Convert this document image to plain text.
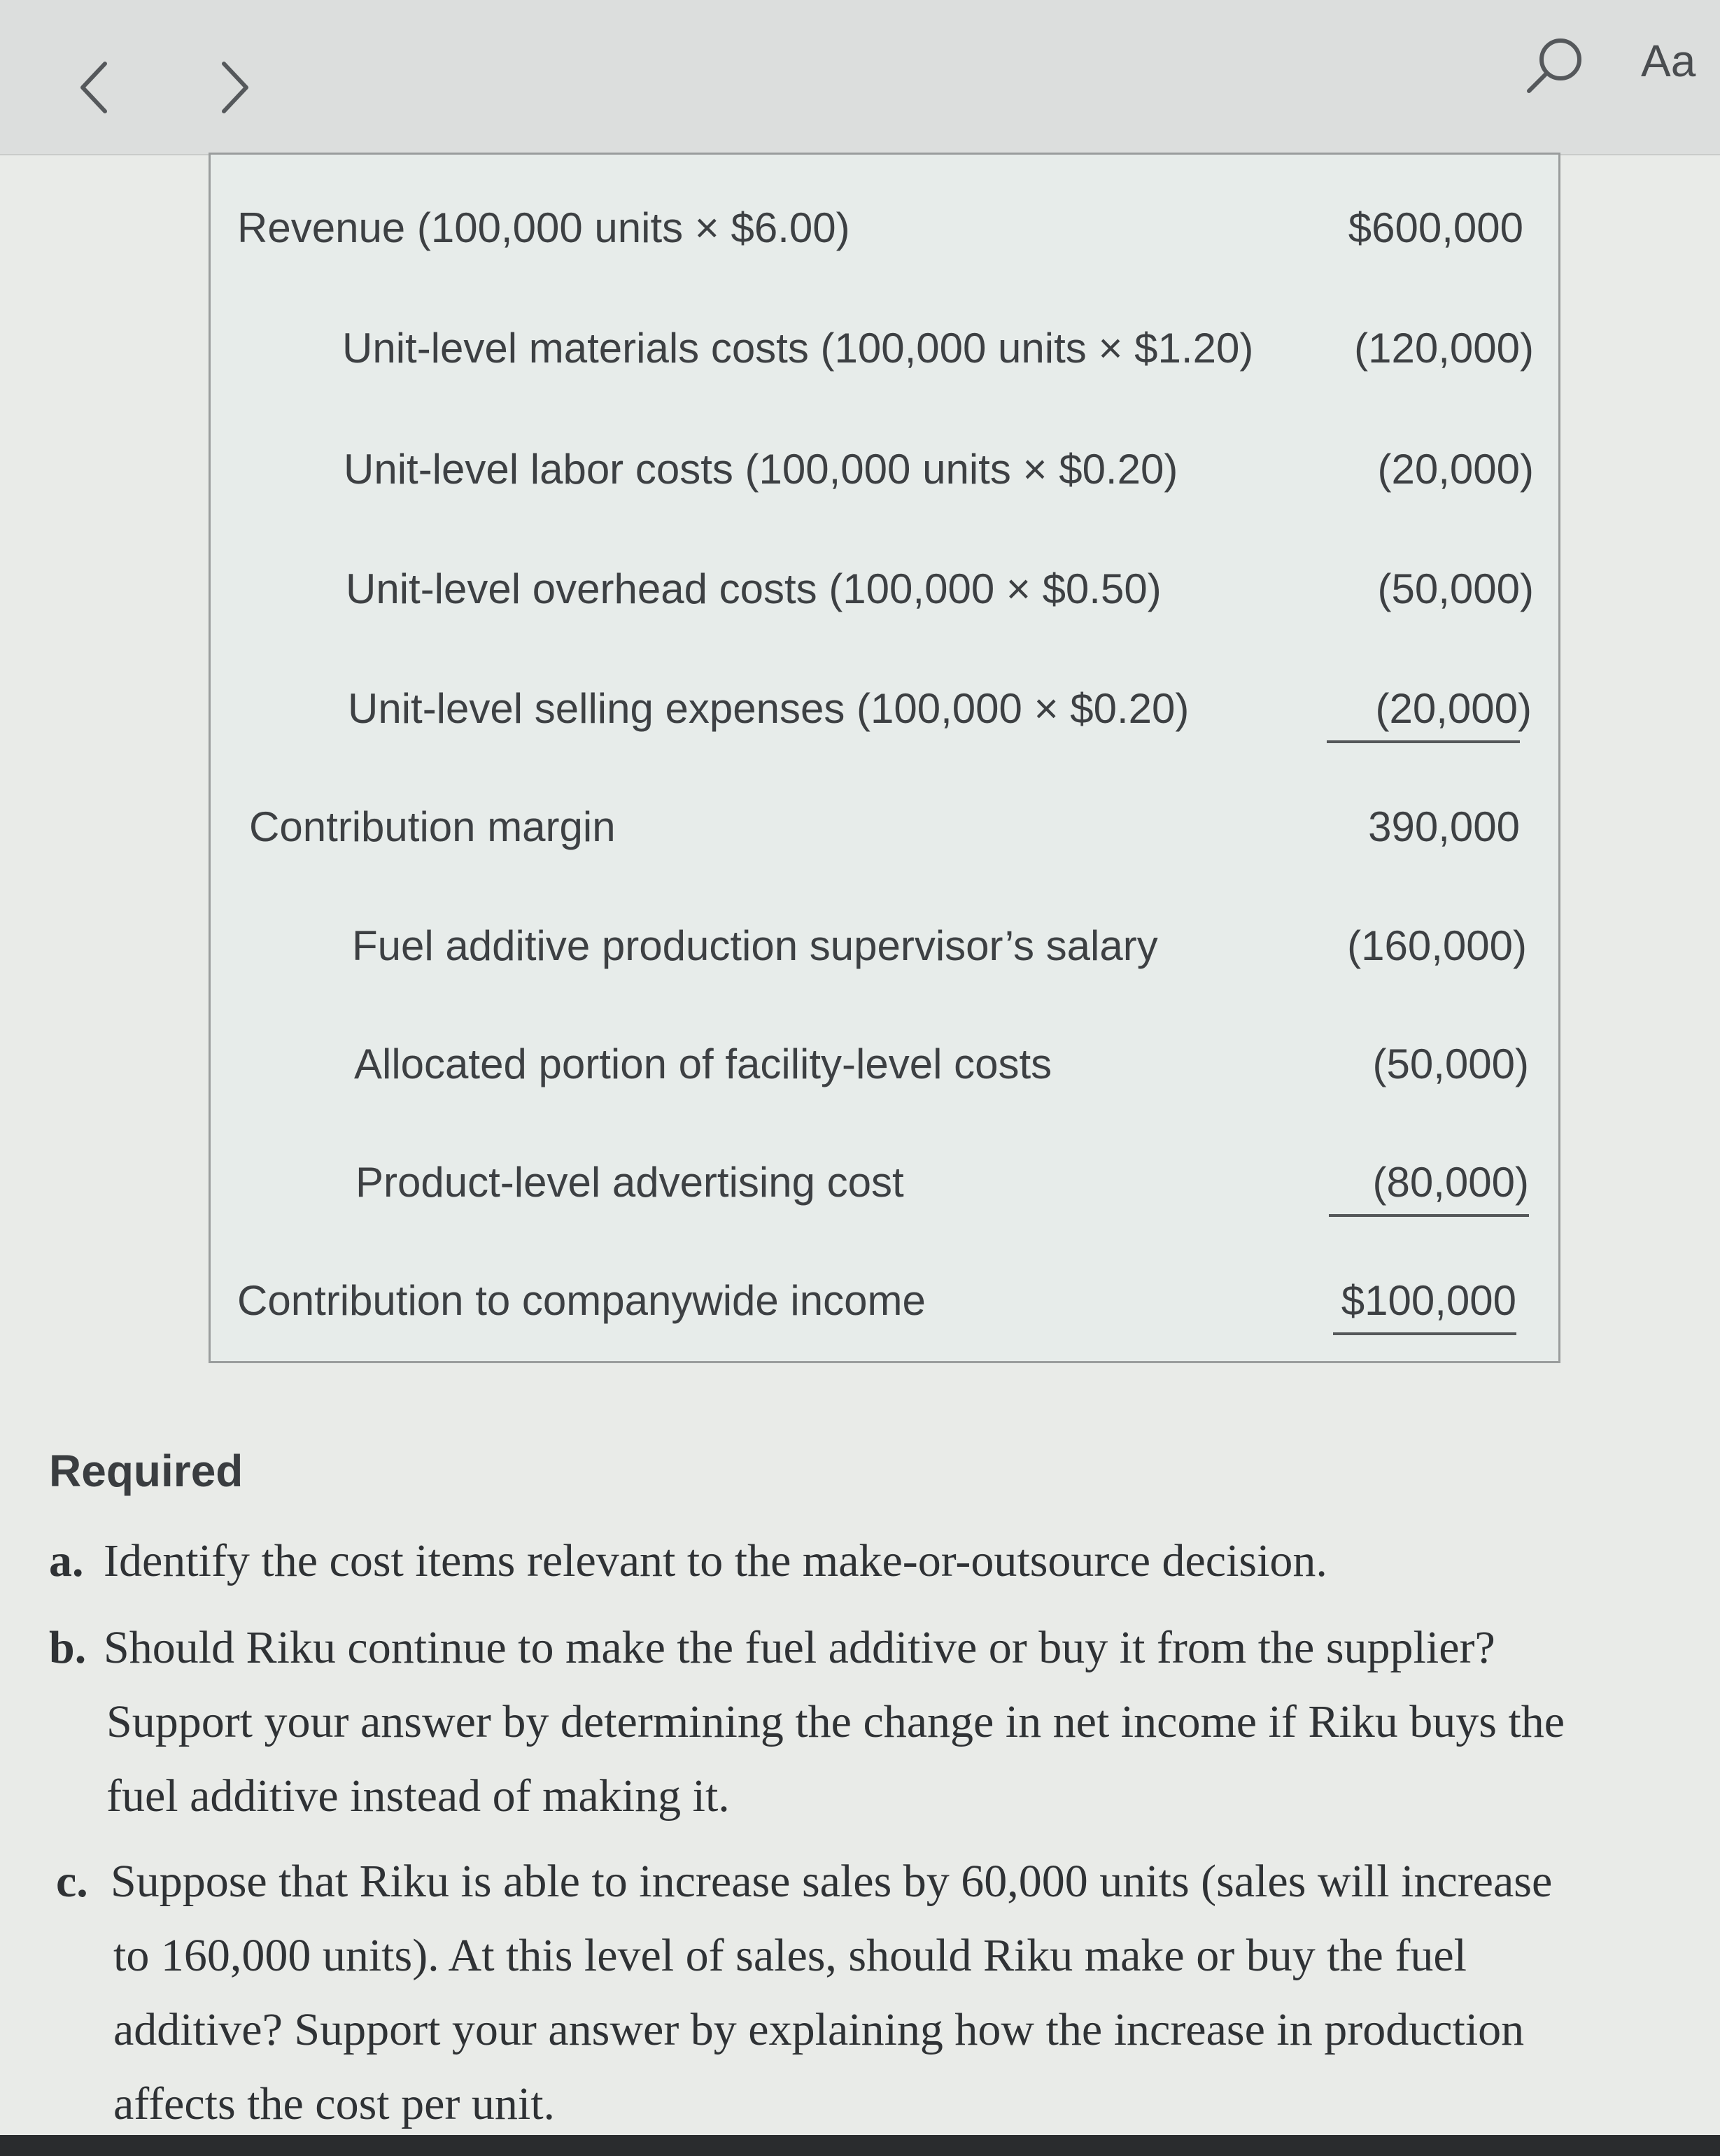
Aa
Revenue (100,000 units × $6.00)	$600,000
Unit-level materials costs (100,000 units × $1.20) (120,000)
Unit-level labor costs (100,000 units × $0.20)	(20,000)
Unit-level overhead costs (100,000 × $0.50)	(50,000)
Unit-level selling expenses (100,000 × $0.20)	(20,000)
Contribution margin	390,000
Fuel additive production supervisor’s salary	(160,000)
Allocated portion of facility-level costs	(50,000)
Product-level advertising cost	(80,000)
Contribution to companywide income	$100,000
Required
a. Identify the cost items relevant to the make-or-outsource decision.
b. Should Riku continue to make the fuel additive or buy it from the supplier?
Support your answer by determining the change in net income if Riku buys the
fuel additive instead of making it.
c. Suppose that Riku is able to increase sales by 60,000 units (sales will increase
to 160,000 units). At this level of sales, should Riku make or buy the fuel
additive? Support your answer by explaining how the increase in production
affects the cost per unit.
